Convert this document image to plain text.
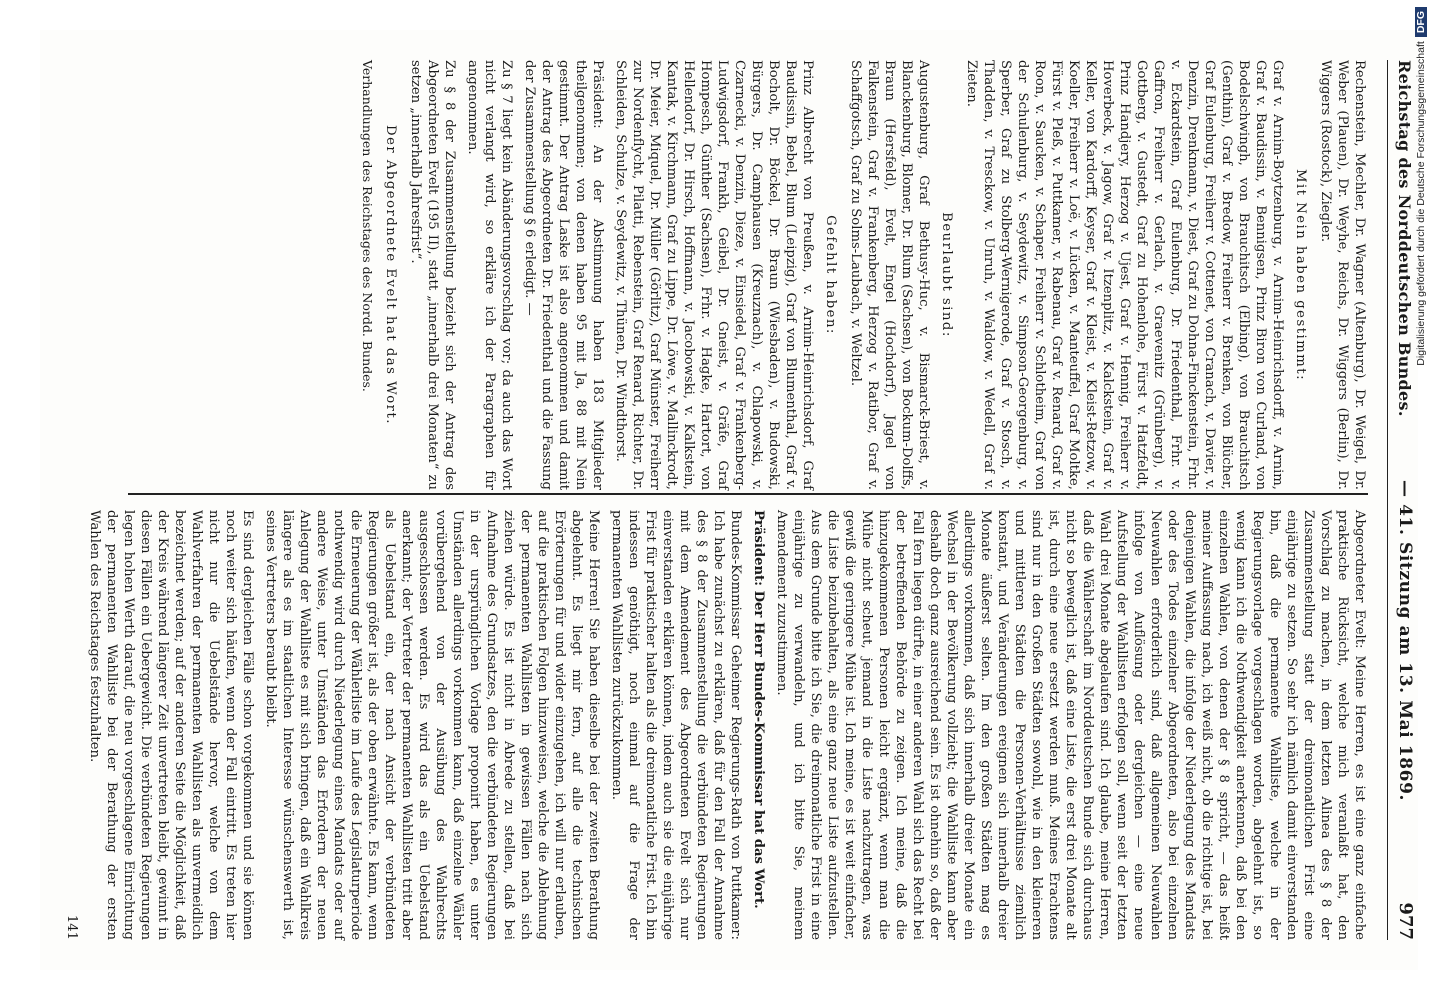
Reichstag des Norddeutschen Bundes.
— 41. Sitzung am 13. Mai 1869.
977

Rechenstein, Mechler, Dr. Wagner (Altenburg), Dr. Weigel, Dr. Weber (Plauen), Dr. Weyhe, Reichs, Dr. Wiggers (Berlin), Dr. Wiggers (Rostock), Ziegler.

Mit Nein haben gestimmt:

Graf v. Arnim-Boytzenburg, v. Arnim-Heinrichsdorff, v. Arnim, Graf v. Baudissin, v. Bennigsen, Prinz Biron von Curland, von Bodelschwingh, von Brauchitsch (Elbing), von Brauchitsch (Genthin), Graf v. Bredow, Freiherr v. Brenken, von Blücher, Graf Eulenburg, Freiherr v. Cottenet, von Cranach, v. Davier, v. Denzin, Drenkmann, v. Diest, Graf zu Dohna-Finckenstein, Frhr. v. Eckardstein, Graf Eulenburg, Dr. Friedenthal, Frhr. v. Gaffron, Freiherr v. Gerlach, v. Graevenitz (Grünberg), v. Gottberg, v. Gustedt, Graf zu Hohenlohe, Fürst v. Hatzfeldt, Prinz Handjery, Herzog v. Ujest, Graf v. Hennig, Freiherr v. Hoverbeck, v. Jagow, Graf v. Itzenplitz, v. Kalckstein, Graf v. Keller, von Kardorff, Keyser, Graf v. Kleist, v. Kleist-Retzow, v. Koeller, Freiherr v. Loë, v. Lücken, v. Manteuffel, Graf Moltke, Fürst v. Pleß, v. Puttkamer, v. Rabenau, Graf v. Renard, Graf v. Roon, v. Saucken, v. Schaper, Freiherr v. Schlotheim, Graf von der Schulenburg, v. Seydewitz, v. Simpson-Georgenburg, v. Sperber, Graf zu Stolberg-Wernigerode, Graf v. Stosch, v. Thadden, v. Tresckow, v. Unruh, v. Waldow, v. Wedell, Graf v. Zieten.

Beurlaubt sind:

Augustenburg, Graf Bethusy-Huc, v. Bismarck-Briest, v. Blanckenburg, Blomer, Dr. Blum (Sachsen), von Bockum-Dolffs, Braun (Hersfeld), Evelt, Engel (Hochdorf), Jagel von Falkenstein, Graf v. Frankenberg, Herzog v. Ratibor, Graf v. Schaffgotsch, Graf zu Solms-Laubach, v. Weltzel.

Gefehlt haben:

Prinz Albrecht von Preußen, v. Arnim-Heinrichsdorf, Graf Baudissin, Bebel, Blum (Leipzig), Graf von Blumenthal, Graf v. Bocholt, Dr. Böckel, Dr. Braun (Wiesbaden), v. Budowski, Bürgers, Dr. Camphausen (Kreuznach), v. Chlapowski, v. Czarnecki, v. Denzin, Dieze, v. Einsiedel, Graf v. Frankenberg-Ludwigsdorf, Frankh, Geibel, Dr. Gneist, v. Gräfe, Graf Hompesch, Günther (Sachsen), Frhr. v. Hagke, Hartort, von Hellendorf, Dr. Hirsch, Hoffmann, v. Jacobowski, v. Kalkstein, Kantak, v. Kirchmann, Graf zu Lippe, Dr. Löwe, v. Mallinckrodt, Dr. Meier, Miquel, Dr. Müller (Görlitz), Graf Münster, Freiherr zur Nordenflycht, Pilatti, Rebenstein, Graf Renard, Richter, Dr. Schleiden, Schulze, v. Seydewitz, v. Thünen, Dr. Windthorst.

Präsident: An der Abstimmung haben 183 Mitglieder theilgenommen; von denen haben 95 mit Ja, 88 mit Nein gestimmt. Der Antrag Laske ist also angenommen und damit der Antrag des Abgeordneten Dr. Friedenthal und die Fassung der Zusammenstellung § 6 erledigt. —

Zu § 7 liegt kein Abänderungsvorschlag vor; da auch das Wort nicht verlangt wird, so erkläre ich der Paragraphen für angenommen.

Zu § 8 der Zusammenstellung bezieht sich der Antrag des Abgeordneten Evelt (195 II), statt „innerhalb drei Monaten“ zu setzen „innerhalb Jahresfrist“.

Der Abgeordnete Evelt hat das Wort.

Verhandlungen des Reichstages des Nordd. Bundes.

Abgeordneter Evelt: Meine Herren, es ist eine ganz einfache praktische Rücksicht, welche mich veranlaßt hat, den Vorschlag zu machen, in dem letzten Alinea des § 8 der Zusammenstellung statt der dreimonatlichen Frist eine einjährige zu setzen. So sehr ich nämlich damit einverstanden bin, daß die permanente Wahlliste, welche in der Regierungsvorlage vorgeschlagen worden, abgelehnt ist, so wenig kann ich die Nothwendigkeit anerkennen, daß bei den einzelnen Wahlen, von denen der § 8 spricht, — das heißt meiner Auffassung nach, ich weiß nicht, ob die richtige ist, bei denjenigen Wahlen, die infolge der Niederlegung des Mandats oder des Todes einzelner Abgeordneten, also bei einzelnen Neuwahlen erforderlich sind, daß allgemeinen Neuwahlen infolge von Auflösung oder dergleichen — eine neue Aufstellung der Wahllisten erfolgen soll, wenn seit der letzten Wahl drei Monate abgelaufen sind. Ich glaube, meine Herren, daß die Wählerschaft im Norddeutschen Bunde sich durchaus nicht so beweglich ist, daß eine Liste, die erst drei Monate alt ist, durch eine neue ersetzt werden muß. Meines Erachtens sind nur in den Großen Städten sowohl, wie in den kleineren und mittleren Städten die Personen-Verhältnisse ziemlich konstant, und Veränderungen ereignen sich innerhalb dreier Monate äußerst selten. Im den großen Städten mag es allerdings vorkommen, daß sich innerhalb dreier Monate ein Wechsel in der Bevölkerung vollzieht; die Wahlliste kann aber deshalb doch ganz ausreichend sein. Es ist ohnehin so, daß der Fall fern liegen dürfte, in einer anderen Wahl sich das Recht bei der betreffenden Behörde zu zeigen. Ich meine, daß die hinzugekommenen Personen leicht ergänzt, wenn man die Mühe nicht scheut, jemand in die Liste nachzutragen, was gewiß die geringere Mühe ist. Ich meine, es ist weit einfacher, die Liste beizubehalten, als eine ganz neue Liste aufzustellen. Aus dem Grunde bitte ich Sie, die dreimonatliche Frist in eine einjährige zu verwandeln, und ich bitte Sie, meinem Amendement zuzustimmen.

Präsident: Der Herr Bundes-Kommissar hat das Wort.

Bundes-Kommissar Geheimer Regierungs-Rath von Puttkamer: Ich habe zunächst zu erklären, daß für den Fall der Annahme des § 8 der Zusammenstellung die verbündeten Regierungen mit dem Amendement des Abgeordneten Evelt sich nur einverstanden erklären können, indem auch sie die einjährige Frist für praktischer halten als die dreimonatliche Frist. Ich bin indessen genöthigt, noch einmal auf die Frage der permanenten Wahllisten zurückzukommen.

Meine Herren! Sie haben dieselbe bei der zweiten Berathung abgelehnt. Es liegt mir fern, auf alle die technischen Erörterungen für und wider einzugehen, ich will nur erlauben, auf die praktischen Folgen hinzuweisen, welche die Ablehnung der permanenten Wahllisten in gewissen Fällen nach sich ziehen würde. Es ist nicht in Abrede zu stellen, daß bei Aufnahme des Grundsatzes, den die verbündeten Regierungen in der ursprünglichen Vorlage proponirt haben, es unter Umständen allerdings vorkommen kann, daß einzelne Wähler vorübergehend von der Ausübung des Wahlrechts ausgeschlossen werden. Es wird das als ein Uebelstand anerkannt; der Vertreter der permanenten Wahllisten tritt aber als Uebelstand ein, der nach Ansicht der verbündeten Regierungen größer ist, als der oben erwähnte. Es kann, wenn die Erneuerung der Wählerliste im Laufe des Legislaturperiode nothwendig wird durch Niederlegung eines Mandats oder auf andere Weise, unter Umständen das Erfordern der neuen Anlegung der Wahlliste es mit sich bringen, daß ein Wahlkreis längere als es im staatlichen Interesse wünschenswerth ist, seines Vertreters beraubt bleibt.

Es sind dergleichen Fälle schon vorgekommen und sie können noch weiter sich häufen, wenn der Fall eintritt. Es treten hier nicht nur die Uebelstände hervor, welche von dem Wahlverfahren der permanenten Wahllisten als unvermeidlich bezeichnet werden; auf der anderen Seite die Möglichkeit, daß der Kreis während längerer Zeit unvertreten bleibt, gewinnt in diesen Fällen ein Uebergewicht. Die verbündeten Regierungen legen hohen Werth darauf, die neu vorgeschlagene Einrichtung der permanenten Wahlliste bei der Berathung der ersten Wahlen des Reichstages festzuhalten.

141
Digitalisierung gefördert durch die Deutsche ForschungsgemeinschaftDFG
